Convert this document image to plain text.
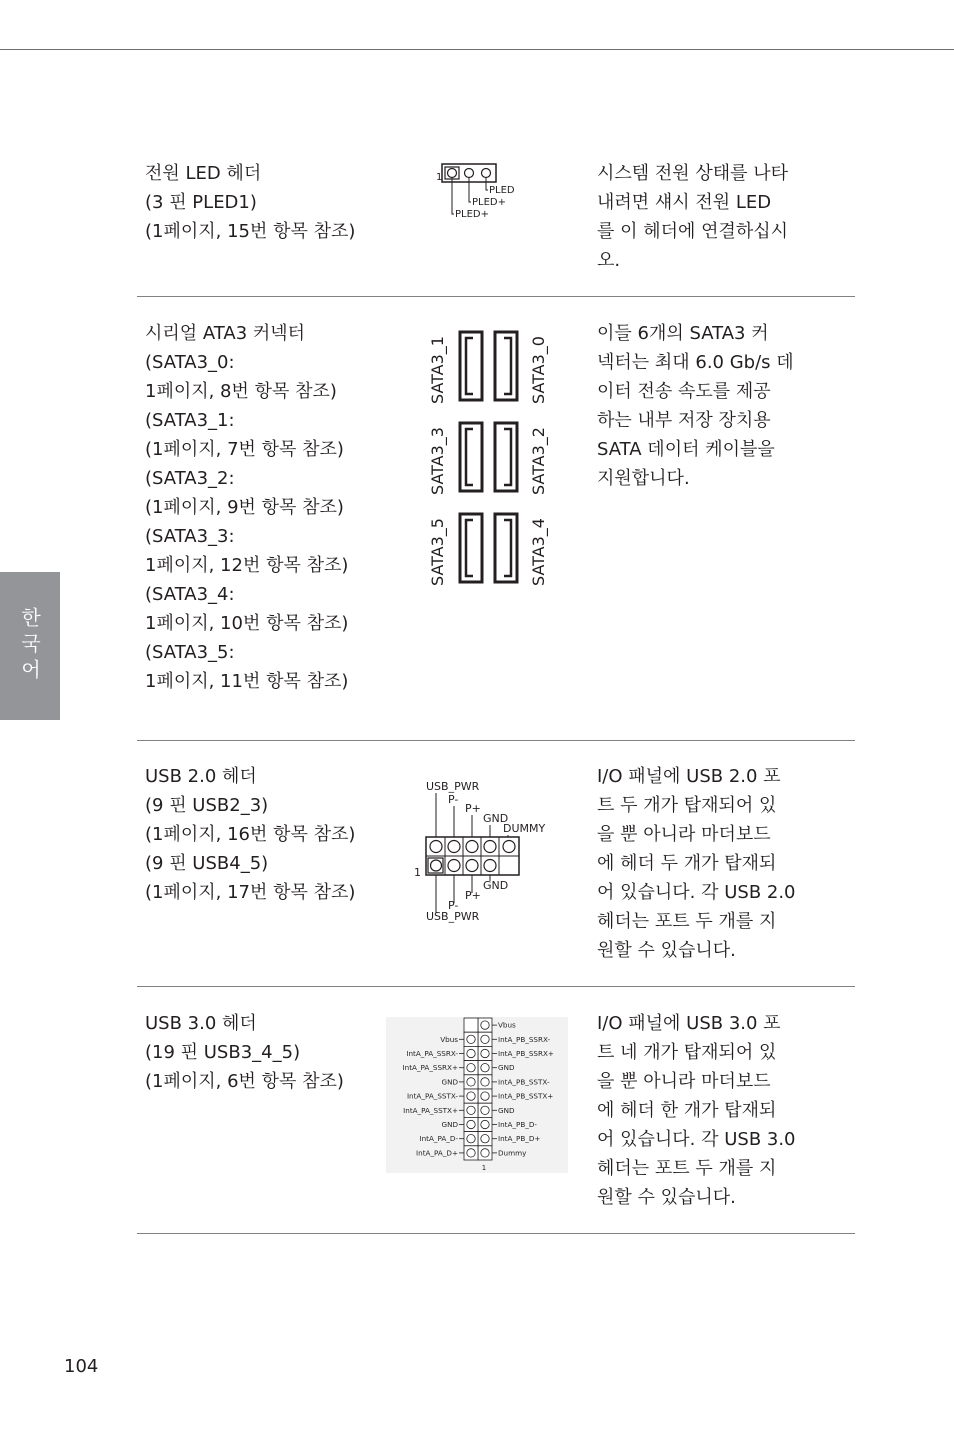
한국어
전원 LED 헤더
(3 핀 PLED1)
(1페이지, 15번 항목 참조)
1
PLED
PLED+
PLED+
시스템 전원 상태를 나타
내려면 섀시 전원 LED
를 이 헤더에 연결하십시
오.
시리얼 ATA3 커넥터
(SATA3_0:
1페이지, 8번 항목 참조)
(SATA3_1:
(1페이지, 7번 항목 참조)
(SATA3_2:
(1페이지, 9번 항목 참조)
(SATA3_3:
1페이지, 12번 항목 참조)
(SATA3_4:
1페이지, 10번 항목 참조)
(SATA3_5:
1페이지, 11번 항목 참조)
SATA3_1	SATA3_0
SATA3_3	SATA3_2
SATA3_5	SATA3_4
이들 6개의 SATA3 커
넥터는 최대 6.0 Gb/s 데
이터 전송 속도를 제공
하는 내부 저장 장치용
SATA 데이터 케이블을
지원합니다.
USB 2.0 헤더
(9 핀 USB2_3)
(1페이지, 16번 항목 참조)
(9 핀 USB4_5)
(1페이지, 17번 항목 참조)
USB_PWR
P-
P+
GND
DUMMY
1
GND
P+
P-
USB_PWR
I/O 패널에 USB 2.0 포
트 두 개가 탑재되어 있
을 뿐 아니라 마더보드
에 헤더 두 개가 탑재되
어 있습니다. 각 USB 2.0
헤더는 포트 두 개를 지
원할 수 있습니다.
USB 3.0 헤더
(19 핀 USB3_4_5)
(1페이지, 6번 항목 참조)
1
Vbus
IntA_PB_SSRX-
Vbus
IntA_PB_SSRX+
IntA_PA_SSRX-
GND
IntA_PA_SSRX+
IntA_PB_SSTX-
GND
IntA_PB_SSTX+
IntA_PA_SSTX-
GND
IntA_PA_SSTX+
IntA_PB_D-
GND
IntA_PB_D+
IntA_PA_D-
Dummy
IntA_PA_D+
I/O 패널에 USB 3.0 포
트 네 개가 탑재되어 있
을 뿐 아니라 마더보드
에 헤더 한 개가 탑재되
어 있습니다. 각 USB 3.0
헤더는 포트 두 개를 지
원할 수 있습니다.
104
